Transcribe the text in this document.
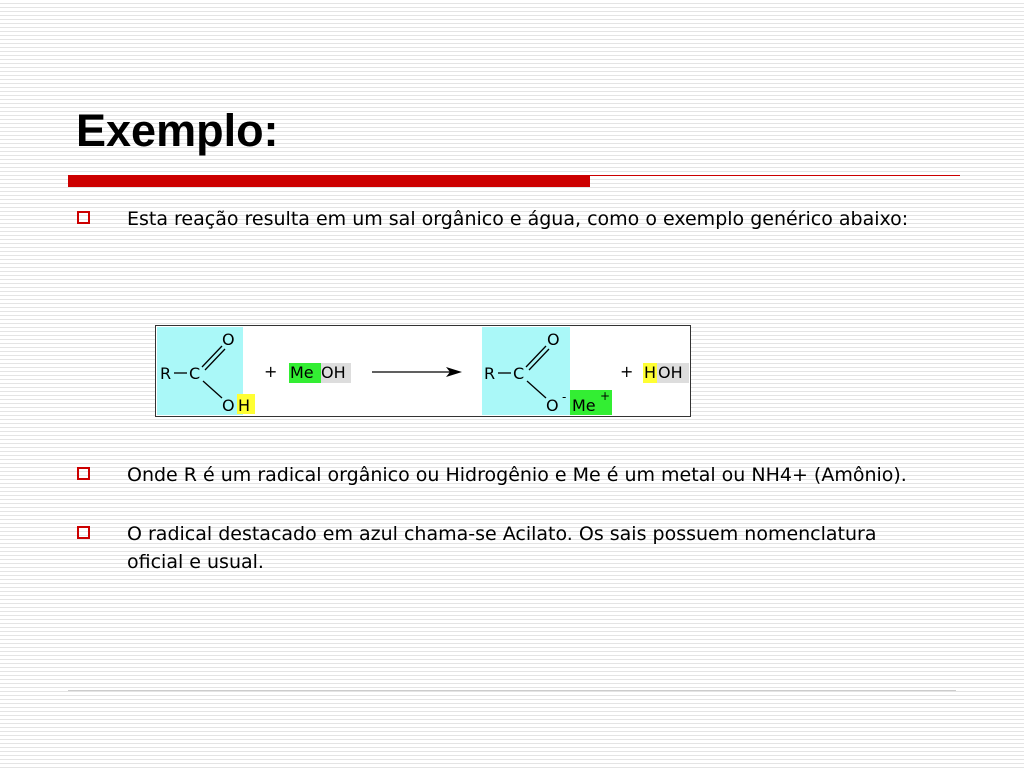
Exemplo:
Esta reação resulta em um sal orgânico e água, como o exemplo genérico abaixo:
R C
O
O H
+ Me OH	R C
O
O - Me +
+ H OH
Onde R é um radical orgânico ou Hidrogênio e Me é um metal ou NH4+ (Amônio).
O radical destacado em azul chama-se Acilato. Os sais possuem nomenclatura oficial e usual.
